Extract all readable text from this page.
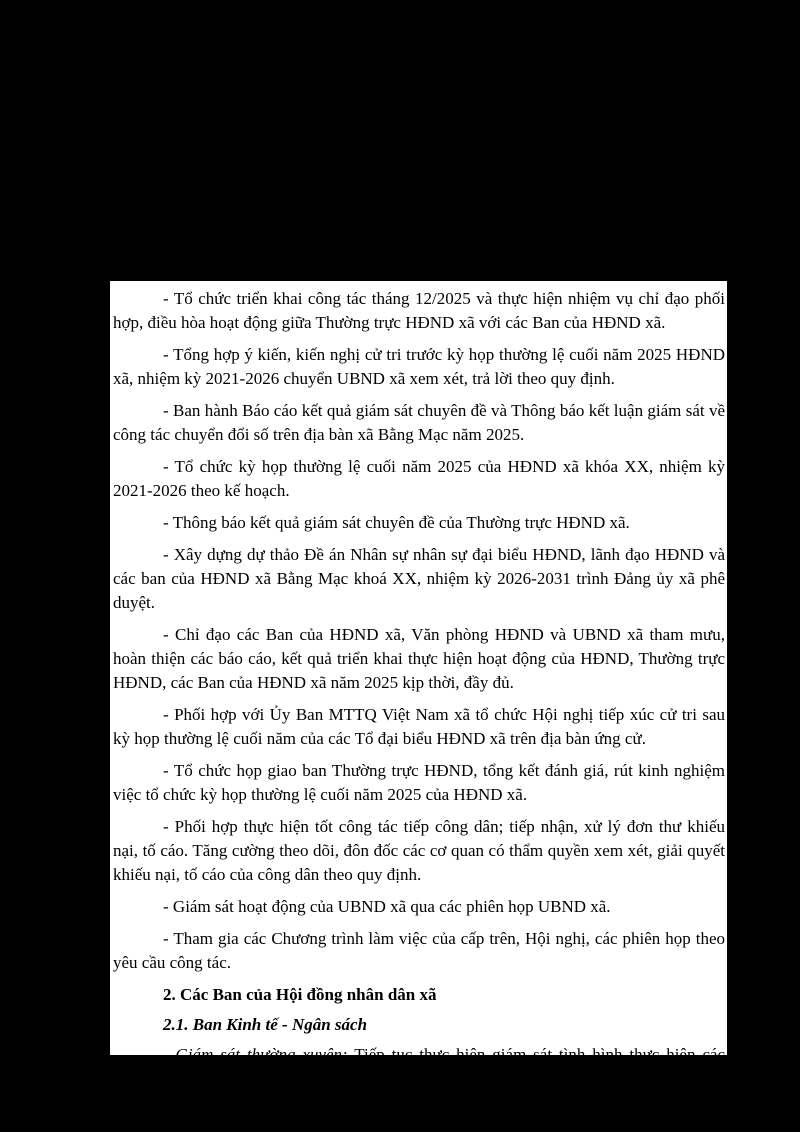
- Tổ chức triển khai công tác tháng 12/2025 và thực hiện nhiệm vụ chỉ đạo phối hợp, điều hòa hoạt động giữa Thường trực HĐND xã với các Ban của HĐND xã.

- Tổng hợp ý kiến, kiến nghị cử tri trước kỳ họp thường lệ cuối năm 2025 HĐND xã, nhiệm kỳ 2021-2026 chuyển UBND xã xem xét, trả lời theo quy định.

- Ban hành Báo cáo kết quả giám sát chuyên đề và Thông báo kết luận giám sát về công tác chuyển đổi số trên địa bàn xã Bằng Mạc năm 2025.

- Tổ chức kỳ họp thường lệ cuối năm 2025 của HĐND xã khóa XX, nhiệm kỳ 2021-2026 theo kế hoạch.

- Thông báo kết quả giám sát chuyên đề của Thường trực HĐND xã.

- Xây dựng dự thảo Đề án Nhân sự nhân sự đại biểu HĐND, lãnh đạo HĐND và các ban của HĐND xã Bằng Mạc khoá XX, nhiệm kỳ 2026-2031 trình Đảng ủy xã phê duyệt.

- Chỉ đạo các Ban của HĐND xã, Văn phòng HĐND và UBND xã tham mưu, hoàn thiện các báo cáo, kết quả triển khai thực hiện hoạt động của HĐND, Thường trực HĐND, các Ban của HĐND xã năm 2025 kịp thời, đầy đủ.

- Phối hợp với Ủy Ban MTTQ Việt Nam xã tổ chức Hội nghị tiếp xúc cử tri sau kỳ họp thường lệ cuối năm của các Tổ đại biểu HĐND xã trên địa bàn ứng cử.

- Tổ chức họp giao ban Thường trực HĐND, tổng kết đánh giá, rút kinh nghiệm việc tổ chức kỳ họp thường lệ cuối năm 2025 của HĐND xã.

- Phối hợp thực hiện tốt công tác tiếp công dân; tiếp nhận, xử lý đơn thư khiếu nại, tố cáo. Tăng cường theo dõi, đôn đốc các cơ quan có thẩm quyền xem xét, giải quyết khiếu nại, tố cáo của công dân theo quy định.

- Giám sát hoạt động của UBND xã qua các phiên họp UBND xã.

- Tham gia các Chương trình làm việc của cấp trên, Hội nghị, các phiên họp theo yêu cầu công tác.

2. Các Ban của Hội đồng nhân dân xã

2.1. Ban Kinh tế - Ngân sách

- Giám sát thường xuyên: Tiếp tục thực hiện giám sát tình hình thực hiện các nhiệm vụ trong các lĩnh vực kinh tế, ngân sách, giao thông, xây dựng, tài nguyên và môi trường; Giám sát việc UBND xã và các cơ quan chuyên môn giải quyết các kiến nghị
